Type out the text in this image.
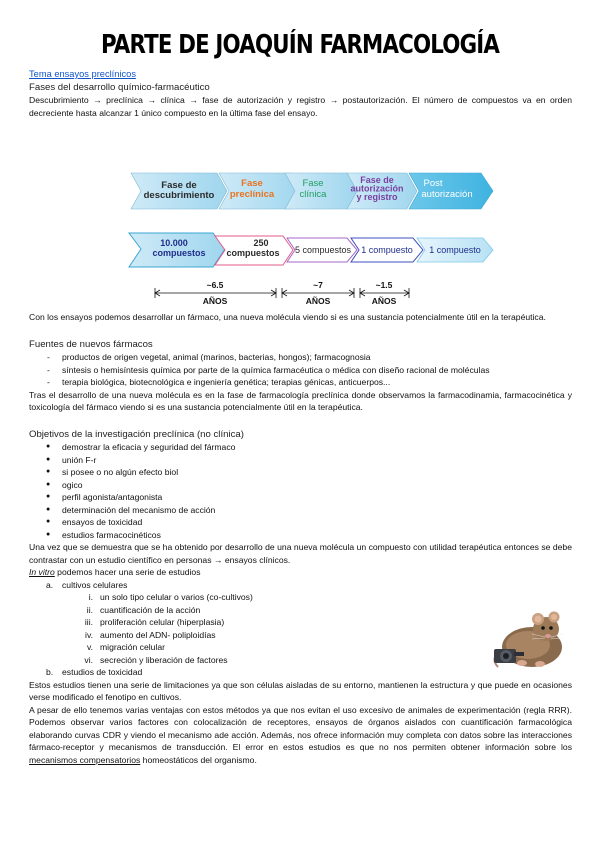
PARTE DE JOAQUÍN FARMACOLOGÍA
Tema ensayos preclínicos
Fases del desarrollo químico-farmacéutico

Descubrimiento → preclínica → clínica → fase de autorización y registro → postautorización. El número de compuestos va en orden decreciente hasta alcanzar 1 único compuesto en la última fase del ensayo.

Fase de descubrimiento
Fase preclínica
Fase clínica
Fase de autorización y registro
Post autorización
10.000 compuestos
250 compuestos 5 compuestos 1 compuesto 1 compuesto
~6.5
AÑOS
~7
AÑOS
~1.5
AÑOS

Con los ensayos podemos desarrollar un fármaco, una nueva molécula viendo si es una sustancia potencialmente útil en la terapéutica.

Fuentes de nuevos fármacos
- productos de origen vegetal, animal (marinos, bacterias, hongos); farmacognosia
- síntesis o hemisíntesis química por parte de la química farmacéutica o médica con diseño racional de moléculas
- terapia biológica, biotecnológica e ingeniería genética; terapias génicas, anticuerpos...

Tras el desarrollo de una nueva molécula es en la fase de farmacología preclínica donde observamos la farmacodinamia, farmacocinética y toxicología del fármaco viendo si es una sustancia potencialmente útil en la terapéutica.

Objetivos de la investigación preclínica (no clínica)
● demostrar la eficacia y seguridad del fármaco
● unión F-r
● si posee o no algún efecto biol
● ogico
● perfil agonista/antagonista
● determinación del mecanismo de acción
● ensayos de toxicidad
● estudios farmacocinéticos

Una vez que se demuestra que se ha obtenido por desarrollo de una nueva molécula un compuesto con utilidad terapéutica entonces se debe contrastar con un estudio científico en personas → ensayos clínicos.

In vitro podemos hacer una serie de estudios
a. cultivos celulares
i. un solo tipo celular o varios (co-cultivos)
ii. cuantificación de la acción
iii. proliferación celular (hiperplasia)
iv. aumento del ADN- poliploidías
v. migración celular
vi. secreción y liberación de factores
b. estudios de toxicidad

Estos estudios tienen una serie de limitaciones ya que son células aisladas de su entorno, mantienen la estructura y que puede en ocasiones verse modificado el fenotipo en cultivos.

A pesar de ello tenemos varias ventajas con estos métodos ya que nos evitan el uso excesivo de animales de experimentación (regla RRR). Podemos observar varios factores con colocalización de receptores, ensayos de órganos aislados con cuantificación farmacológica elaborando curvas CDR y viendo el mecanismo ade acción. Además, nos ofrece información muy completa con datos sobre las interacciones fármaco-receptor y mecanismos de transducción. El error en estos estudios es que no nos permiten obtener información sobre los mecanismos compensatorios homeostáticos del organismo.
